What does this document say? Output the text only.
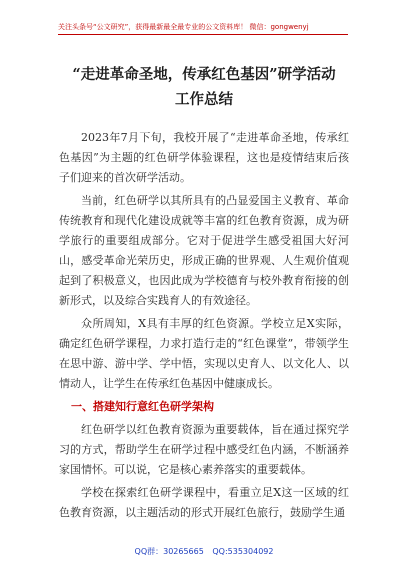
关注头条号“公文研究”，获得最新最全最专业的公文资料库！ 微信：gongwenyj
“走进革命圣地，传承红色基因”研学活动
工作总结

2023年7月下旬，我校开展了“走进革命圣地，传承红色基因”为主题的红色研学体验课程，这也是疫情结束后孩子们迎来的首次研学活动。

当前，红色研学以其所具有的凸显爱国主义教育、革命传统教育和现代化建设成就等丰富的红色教育资源，成为研学旅行的重要组成部分。它对于促进学生感受祖国大好河山，感受革命光荣历史，形成正确的世界观、人生观价值观起到了积极意义，也因此成为学校德育与校外教育衔接的创新形式，以及综合实践育人的有效途径。

众所周知，X具有丰厚的红色资源。学校立足X实际，确定红色研学课程，力求打造行走的“红色课堂”，带领学生在思中游、游中学、学中悟，实现以史育人、以文化人、以情动人，让学生在传承红色基因中健康成长。

一、搭建知行意红色研学架构

红色研学以红色教育资源为重要载体，旨在通过探究学习的方式，帮助学生在研学过程中感受红色内涵，不断涵养家国情怀。可以说，它是核心素养落实的重要载体。

学校在探索红色研学课程中，看重立足X这一区域的红色教育资源，以主题活动的形式开展红色旅行，鼓励学生通

QQ群：30265665 QQ:535304092
